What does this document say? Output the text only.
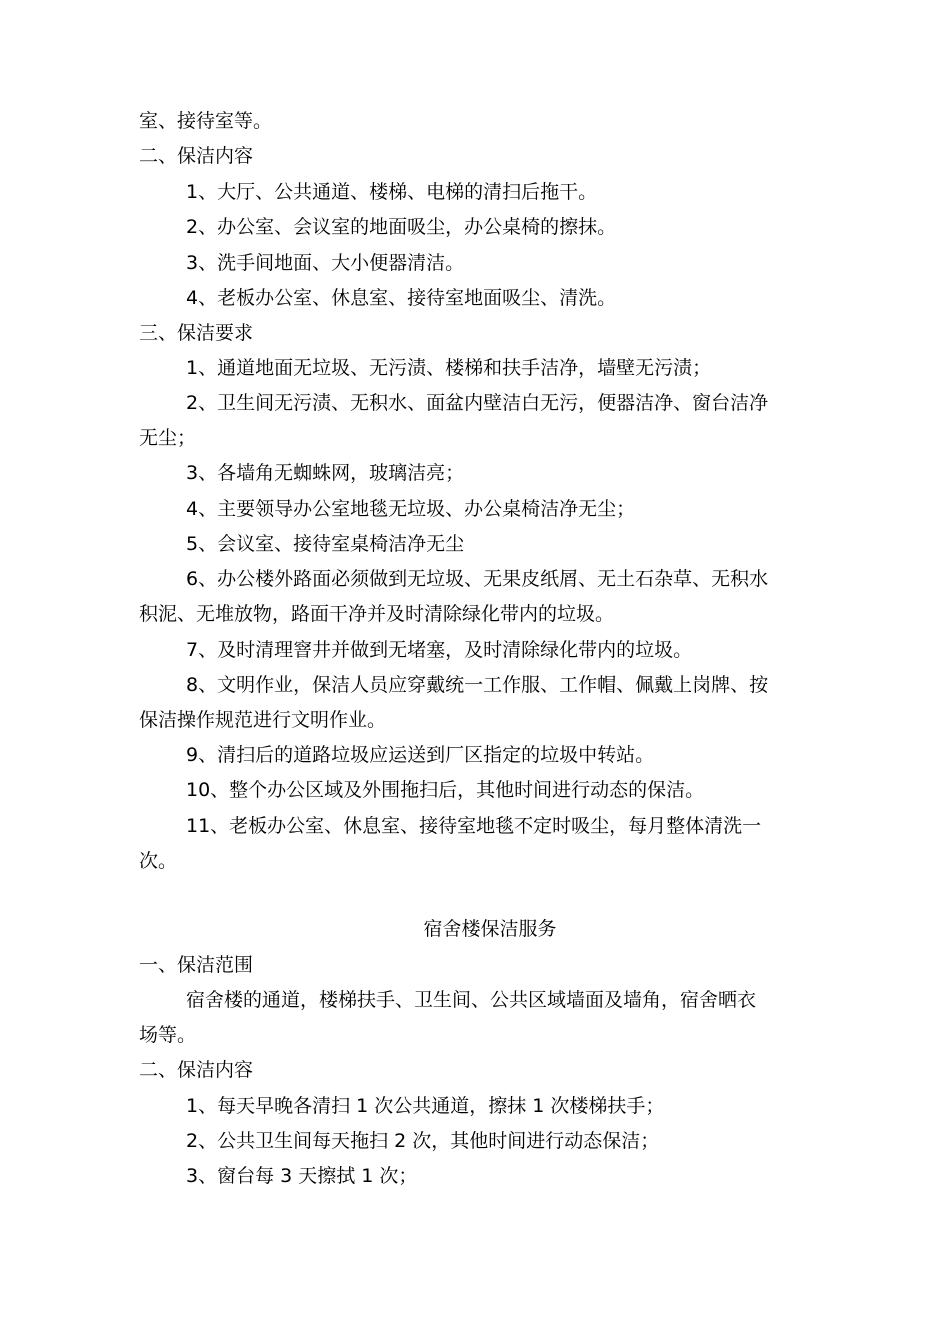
室、接待室等。
二、保洁内容
1、大厅、公共通道、楼梯、电梯的清扫后拖干。
2、办公室、会议室的地面吸尘，办公桌椅的擦抹。
3、洗手间地面、大小便器清洁。
4、老板办公室、休息室、接待室地面吸尘、清洗。
三、保洁要求
1、通道地面无垃圾、无污渍、楼梯和扶手洁净，墙壁无污渍；
2、卫生间无污渍、无积水、面盆内壁洁白无污，便器洁净、窗台洁净
无尘；
3、各墙角无蜘蛛网，玻璃洁亮；
4、主要领导办公室地毯无垃圾、办公桌椅洁净无尘；
5、会议室、接待室桌椅洁净无尘
6、办公楼外路面必须做到无垃圾、无果皮纸屑、无土石杂草、无积水
积泥、无堆放物，路面干净并及时清除绿化带内的垃圾。
7、及时清理窨井并做到无堵塞，及时清除绿化带内的垃圾。
8、文明作业，保洁人员应穿戴统一工作服、工作帽、佩戴上岗牌、按
保洁操作规范进行文明作业。
9、清扫后的道路垃圾应运送到厂区指定的垃圾中转站。
10、整个办公区域及外围拖扫后，其他时间进行动态的保洁。
11、老板办公室、休息室、接待室地毯不定时吸尘，每月整体清洗一
次。
宿舍楼保洁服务
一、保洁范围
宿舍楼的通道，楼梯扶手、卫生间、公共区域墙面及墙角，宿舍晒衣
场等。
二、保洁内容
1、每天早晚各清扫 1 次公共通道，擦抹 1 次楼梯扶手；
2、公共卫生间每天拖扫 2 次，其他时间进行动态保洁；
3、窗台每 3 天擦拭 1 次；
